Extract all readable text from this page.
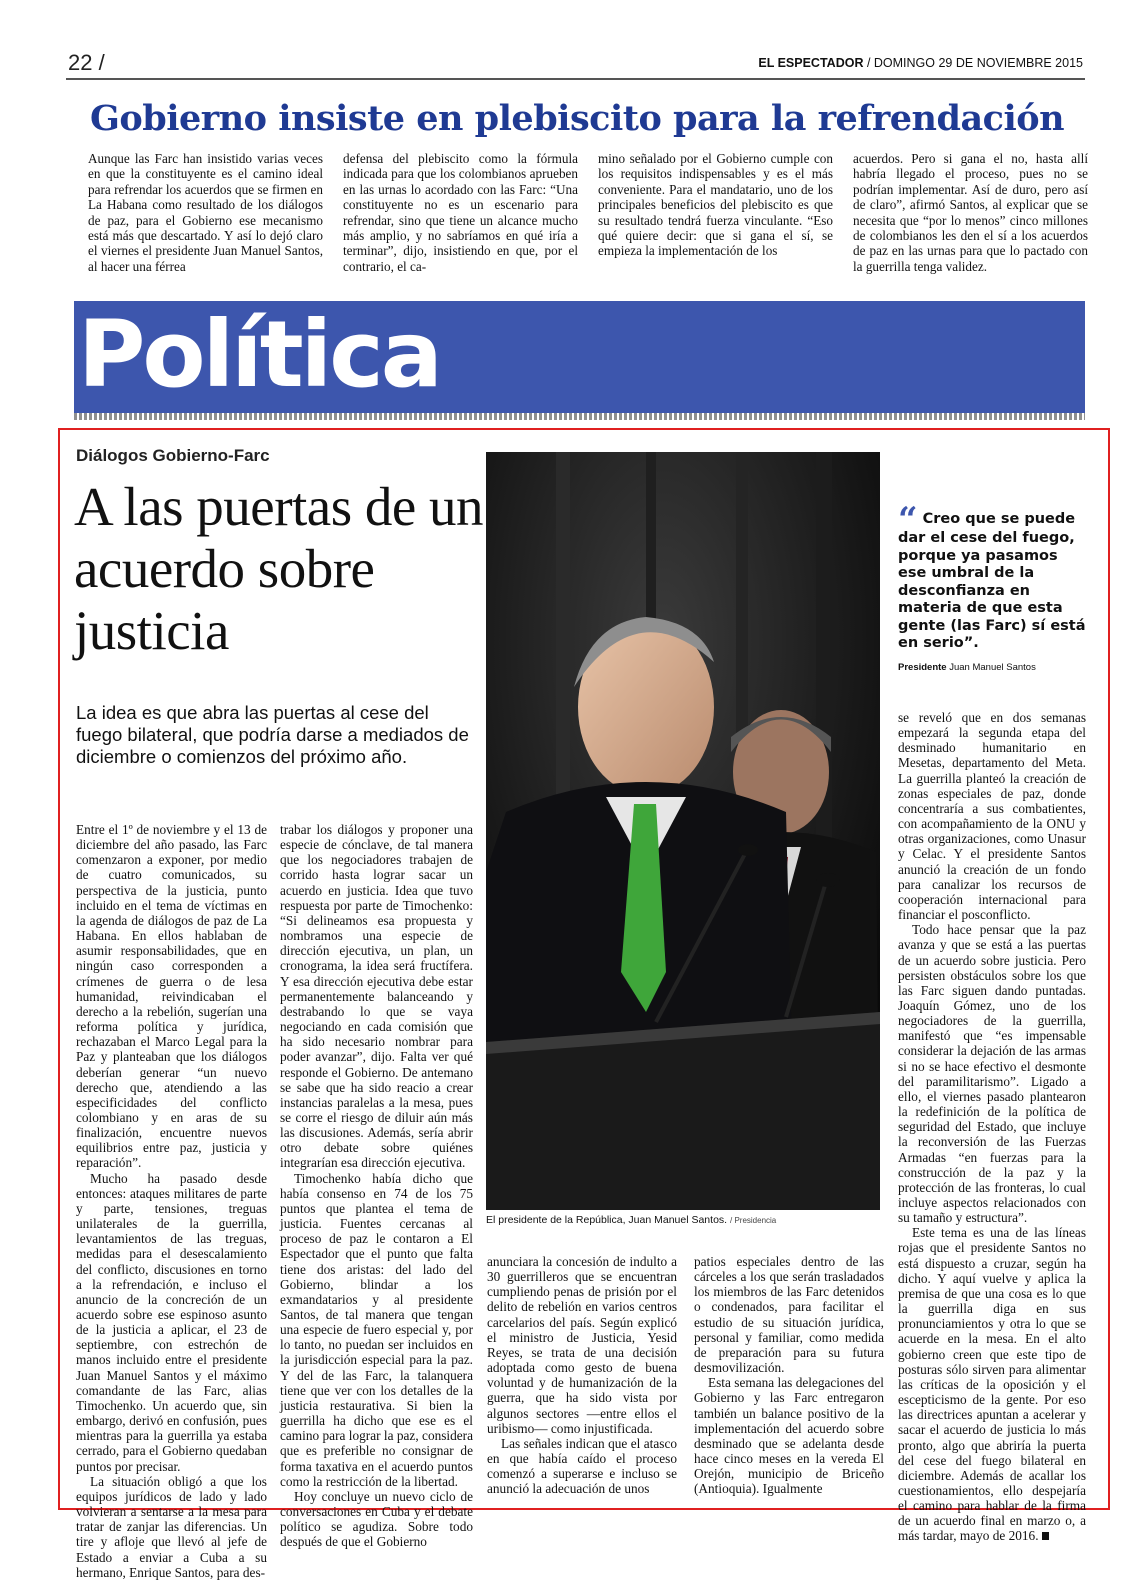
22 /	EL ESPECTADOR / DOMINGO 29 DE NOVIEMBRE 2015
Gobierno insiste en plebiscito para la refrendación
Aunque las Farc han insistido varias veces en que la constituyente es el camino ideal para refrendar los acuerdos que se firmen en La Habana como resultado de los diálogos de paz, para el Gobierno ese mecanismo está más que descartado. Y así lo dejó claro el viernes el presidente Juan Manuel Santos, al hacer una férrea
defensa del plebiscito como la fórmula indicada para que los colombianos aprueben en las urnas lo acordado con las Farc: “Una constituyente no es un escenario para refrendar, sino que tiene un alcance mucho más amplio, y no sabríamos en qué iría a terminar”, dijo, insistiendo en que, por el contrario, el ca-
mino señalado por el Gobierno cumple con los requisitos indispensables y es el más conveniente. Para el mandatario, uno de los principales beneficios del plebiscito es que su resultado tendrá fuerza vinculante. “Eso qué quiere decir: que si gana el sí, se empieza la implementación de los
acuerdos. Pero si gana el no, hasta allí habría llegado el proceso, pues no se podrían implementar. Así de duro, pero así de claro”, afirmó Santos, al explicar que se necesita que “por lo menos” cinco millones de colombianos les den el sí a los acuerdos de paz en las urnas para que lo pactado con la guerrilla tenga validez.
Política
Diálogos Gobierno-Farc
A las puertas de un acuerdo sobre justicia
La idea es que abra las puertas al cese del fuego bilateral, que podría darse a mediados de diciembre o comienzos del próximo año.
El presidente de la República, Juan Manuel Santos. / Presidencia
“ Creo que se puede dar el cese del fuego, porque ya pasamos ese umbral de la desconfianza en materia de que esta gente (las Farc) sí está en serio”.
Presidente Juan Manuel Santos

Entre el 1º de noviembre y el 13 de diciembre del año pasado, las Farc comenzaron a exponer, por medio de cuatro comunicados, su perspectiva de la justicia, punto incluido en el tema de víctimas en la agenda de diálogos de paz de La Habana. En ellos hablaban de asumir responsabilidades, que en ningún caso corresponden a crímenes de guerra o de lesa humanidad, reivindicaban el derecho a la rebelión, sugerían una reforma política y jurídica, rechazaban el Marco Legal para la Paz y planteaban que los diálogos deberían generar “un nuevo derecho que, atendiendo a las especificidades del conflicto colombiano y en aras de su finalización, encuentre nuevos equilibrios entre paz, justicia y reparación”.

Mucho ha pasado desde entonces: ataques militares de parte y parte, tensiones, treguas unilaterales de la guerrilla, levantamientos de las treguas, medidas para el desescalamiento del conflicto, discusiones en torno a la refrendación, e incluso el anuncio de la concreción de un acuerdo sobre ese espinoso asunto de la justicia a aplicar, el 23 de septiembre, con estrechón de manos incluido entre el presidente Juan Manuel Santos y el máximo comandante de las Farc, alias Timochenko. Un acuerdo que, sin embargo, derivó en confusión, pues mientras para la guerrilla ya estaba cerrado, para el Gobierno quedaban puntos por precisar.

La situación obligó a que los equipos jurídicos de lado y lado volvieran a sentarse a la mesa para tratar de zanjar las diferencias. Un tire y afloje que llevó al jefe de Estado a enviar a Cuba a su hermano, Enrique Santos, para des-

trabar los diálogos y proponer una especie de cónclave, de tal manera que los negociadores trabajen de corrido hasta lograr sacar un acuerdo en justicia. Idea que tuvo respuesta por parte de Timochenko: “Si delineamos esa propuesta y nombramos una especie de dirección ejecutiva, un plan, un cronograma, la idea será fructífera. Y esa dirección ejecutiva debe estar permanentemente balanceando y destrabando lo que se vaya negociando en cada comisión que ha sido necesario nombrar para poder avanzar”, dijo. Falta ver qué responde el Gobierno. De antemano se sabe que ha sido reacio a crear instancias paralelas a la mesa, pues se corre el riesgo de diluir aún más las discusiones. Además, sería abrir otro debate sobre quiénes integrarían esa dirección ejecutiva.

Timochenko había dicho que había consenso en 74 de los 75 puntos que plantea el tema de justicia. Fuentes cercanas al proceso de paz le contaron a El Espectador que el punto que falta tiene dos aristas: del lado del Gobierno, blindar a los exmandatarios y al presidente Santos, de tal manera que tengan una especie de fuero especial y, por lo tanto, no puedan ser incluidos en la jurisdicción especial para la paz. Y del de las Farc, la talanquera tiene que ver con los detalles de la justicia restaurativa. Si bien la guerrilla ha dicho que ese es el camino para lograr la paz, considera que es preferible no consignar de forma taxativa en el acuerdo puntos como la restricción de la libertad.

Hoy concluye un nuevo ciclo de conversaciones en Cuba y el debate político se agudiza. Sobre todo después de que el Gobierno

anunciara la concesión de indulto a 30 guerrilleros que se encuentran cumpliendo penas de prisión por el delito de rebelión en varios centros carcelarios del país. Según explicó el ministro de Justicia, Yesid Reyes, se trata de una decisión adoptada como gesto de buena voluntad y de humanización de la guerra, que ha sido vista por algunos sectores —entre ellos el uribismo— como injustificada.

Las señales indican que el atasco en que había caído el proceso comenzó a superarse e incluso se anunció la adecuación de unos

patios especiales dentro de las cárceles a los que serán trasladados los miembros de las Farc detenidos o condenados, para facilitar el estudio de su situación jurídica, personal y familiar, como medida de preparación para su futura desmovilización.

Esta semana las delegaciones del Gobierno y las Farc entregaron también un balance positivo de la implementación del acuerdo sobre desminado que se adelanta desde hace cinco meses en la vereda El Orejón, municipio de Briceño (Antioquia). Igualmente

se reveló que en dos semanas empezará la segunda etapa del desminado humanitario en Mesetas, departamento del Meta. La guerrilla planteó la creación de zonas especiales de paz, donde concentraría a sus combatientes, con acompañamiento de la ONU y otras organizaciones, como Unasur y Celac. Y el presidente Santos anunció la creación de un fondo para canalizar los recursos de cooperación internacional para financiar el posconflicto.

Todo hace pensar que la paz avanza y que se está a las puertas de un acuerdo sobre justicia. Pero persisten obstáculos sobre los que las Farc siguen dando puntadas. Joaquín Gómez, uno de los negociadores de la guerrilla, manifestó que “es impensable considerar la dejación de las armas si no se hace efectivo el desmonte del paramilitarismo”. Ligado a ello, el viernes pasado plantearon la redefinición de la política de seguridad del Estado, que incluye la reconversión de las Fuerzas Armadas “en fuerzas para la construcción de la paz y la protección de las fronteras, lo cual incluye aspectos relacionados con su tamaño y estructura”.

Este tema es una de las líneas rojas que el presidente Santos no está dispuesto a cruzar, según ha dicho. Y aquí vuelve y aplica la premisa de que una cosa es lo que la guerrilla diga en sus pronunciamientos y otra lo que se acuerde en la mesa. En el alto gobierno creen que este tipo de posturas sólo sirven para alimentar las críticas de la oposición y el escepticismo de la gente. Por eso las directrices apuntan a acelerar y sacar el acuerdo de justicia lo más pronto, algo que abriría la puerta del cese del fuego bilateral en diciembre. Además de acallar los cuestionamientos, ello despejaría el camino para hablar de la firma de un acuerdo final en marzo o, a más tardar, mayo de 2016.
